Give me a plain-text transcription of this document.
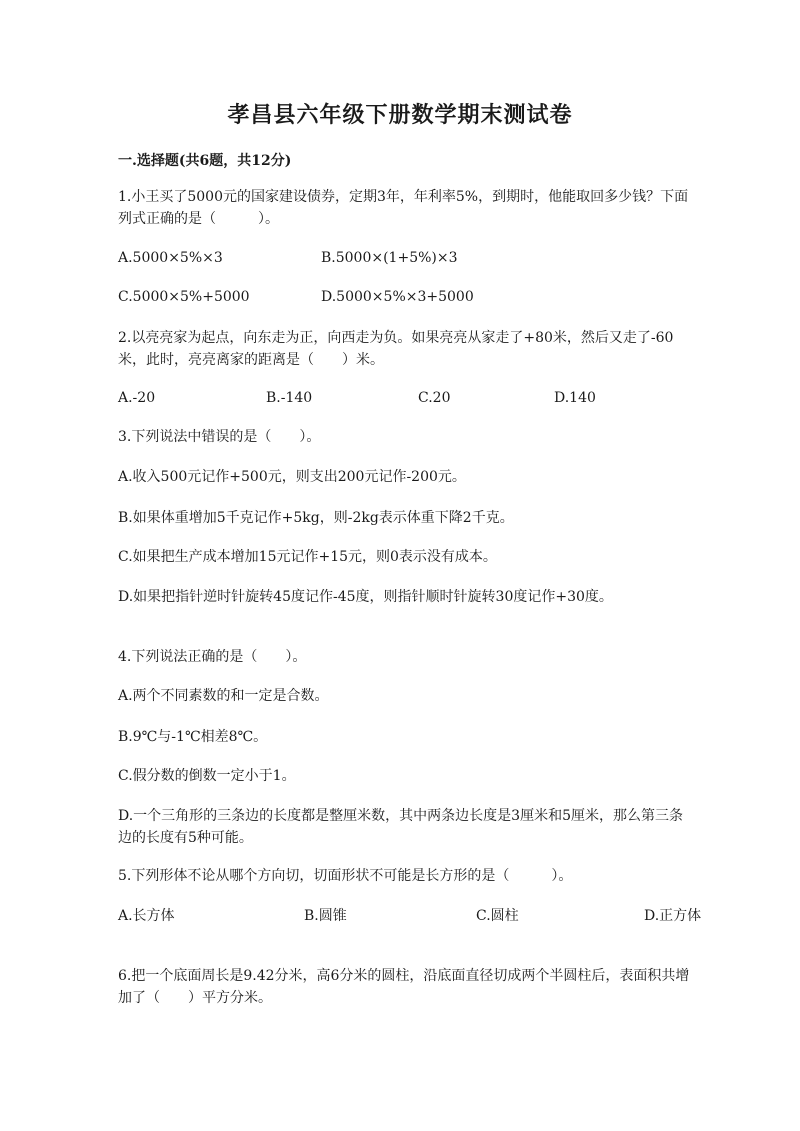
孝昌县六年级下册数学期末测试卷
一.选择题(共6题，共12分)
1.小王买了5000元的国家建设债券，定期3年，年利率5%，到期时，他能取回多少钱？下面列式正确的是（　　　）。
A.5000×5%×3	B.5000×(1+5%)×3
C.5000×5%+5000	D.5000×5%×3+5000
2.以亮亮家为起点，向东走为正，向西走为负。如果亮亮从家走了+80米，然后又走了-60米，此时，亮亮离家的距离是（　　）米。
A.-20	B.-140	C.20	D.140
3.下列说法中错误的是（　　）。
A.收入500元记作+500元，则支出200元记作-200元。
B.如果体重增加5千克记作+5kg，则-2kg表示体重下降2千克。
C.如果把生产成本增加15元记作+15元，则0表示没有成本。
D.如果把指针逆时针旋转45度记作-45度，则指针顺时针旋转30度记作+30度。
4.下列说法正确的是（　　）。
A.两个不同素数的和一定是合数。
B.9℃与-1℃相差8℃。
C.假分数的倒数一定小于1。
D.一个三角形的三条边的长度都是整厘米数，其中两条边长度是3厘米和5厘米，那么第三条边的长度有5种可能。
5.下列形体不论从哪个方向切，切面形状不可能是长方形的是（　　　）。
A.长方体	B.圆锥	C.圆柱	D.正方体
6.把一个底面周长是9.42分米，高6分米的圆柱，沿底面直径切成两个半圆柱后，表面积共增加了（　　）平方分米。
